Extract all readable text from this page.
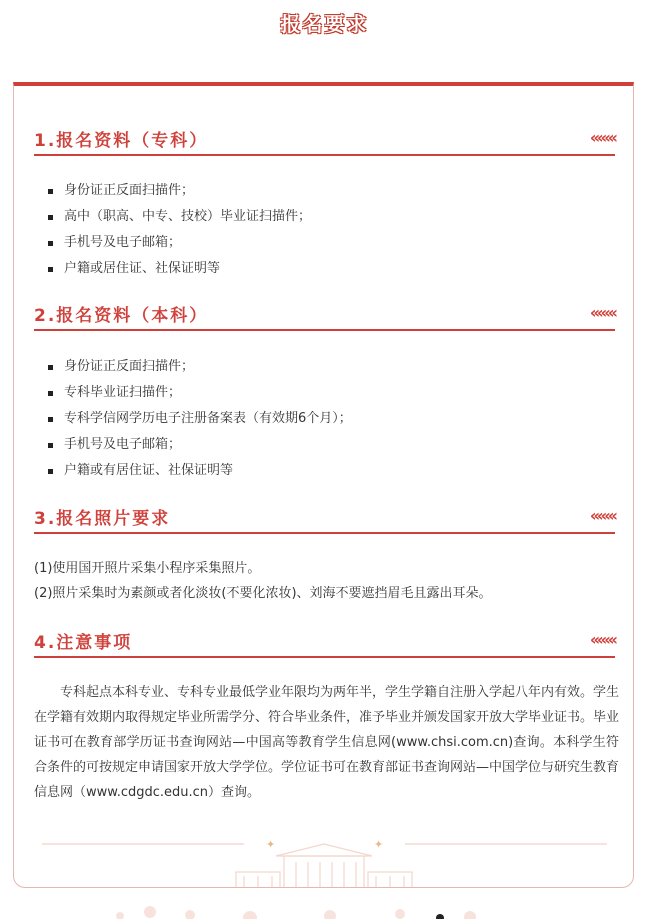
报名要求
1.报名资料（专科）	‹‹‹‹‹‹‹
身份证正反面扫描件；
高中（职高、中专、技校）毕业证扫描件；
手机号及电子邮箱；
户籍或居住证、社保证明等
2.报名资料（本科）	‹‹‹‹‹‹‹
身份证正反面扫描件；
专科毕业证扫描件；
专科学信网学历电子注册备案表（有效期6个月）；
手机号及电子邮箱；
户籍或有居住证、社保证明等
3.报名照片要求	‹‹‹‹‹‹‹
(1)使用国开照片采集小程序采集照片。
(2)照片采集时为素颜或者化淡妆(不要化浓妆)、刘海不要遮挡眉毛且露出耳朵。
4.注意事项	‹‹‹‹‹‹‹
专科起点本科专业、专科专业最低学业年限均为两年半，学生学籍自注册入学起八年内有效。学生在学籍有效期内取得规定毕业所需学分、符合毕业条件，准予毕业并颁发国家开放大学毕业证书。毕业证书可在教育部学历证书查询网站—中国高等教育学生信息网(www.chsi.com.cn)查询。本科学生符合条件的可按规定申请国家开放大学学位。学位证书可在教育部证书查询网站—中国学位与研究生教育信息网（www.cdgdc.edu.cn）查询。
✦	✦
